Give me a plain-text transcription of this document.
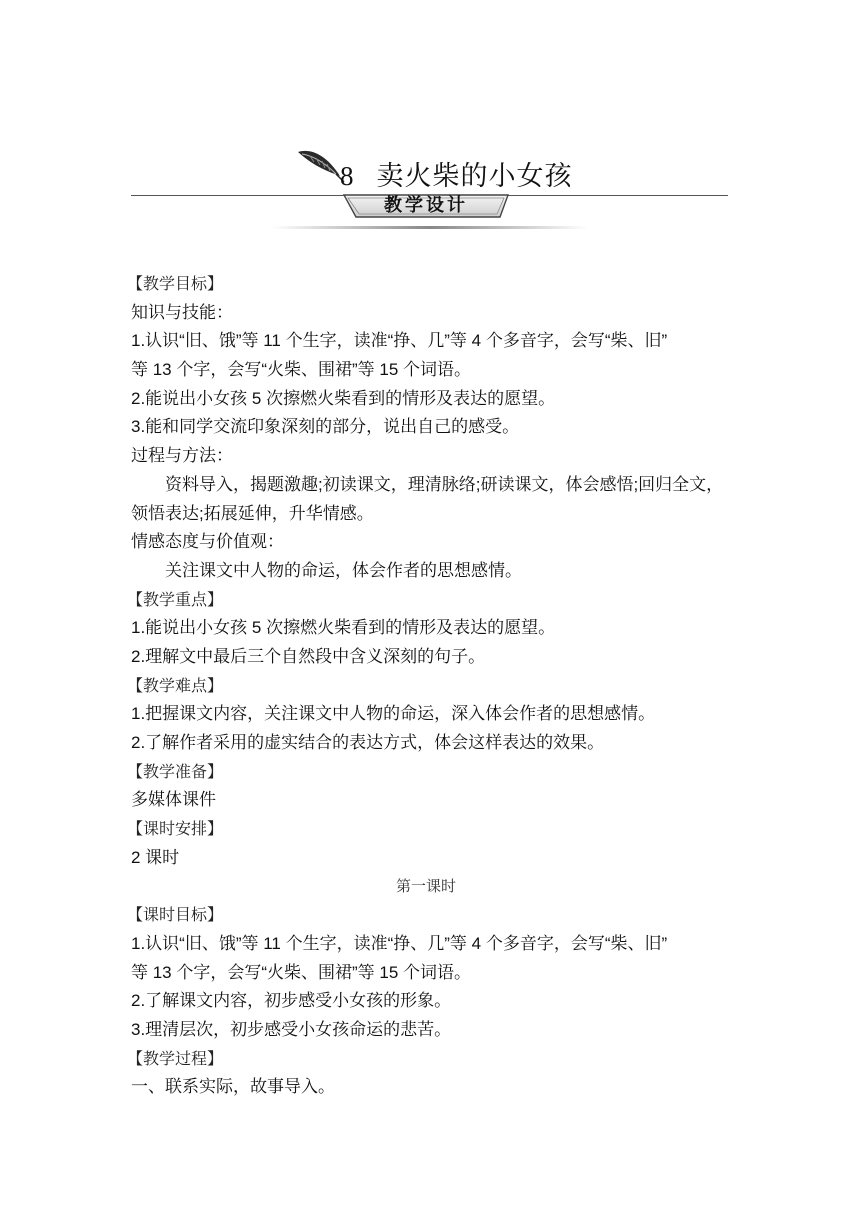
8 卖火柴的小女孩
教学设计
【教学目标】
知识与技能：
1.认识“旧、饿”等 11 个生字，读准“挣、几”等 4 个多音字，会写“柴、旧”
等 13 个字，会写“火柴、围裙”等 15 个词语。
2.能说出小女孩 5 次擦燃火柴看到的情形及表达的愿望。
3.能和同学交流印象深刻的部分，说出自己的感受。
过程与方法：
资料导入，揭题激趣;初读课文，理清脉络;研读课文，体会感悟;回归全文，
领悟表达;拓展延伸，升华情感。
情感态度与价值观：
关注课文中人物的命运，体会作者的思想感情。
【教学重点】
1.能说出小女孩 5 次擦燃火柴看到的情形及表达的愿望。
2.理解文中最后三个自然段中含义深刻的句子。
【教学难点】
1.把握课文内容，关注课文中人物的命运，深入体会作者的思想感情。
2.了解作者采用的虚实结合的表达方式，体会这样表达的效果。
【教学准备】
多媒体课件
【课时安排】
2 课时
第一课时
【课时目标】
1.认识“旧、饿”等 11 个生字，读准“挣、几”等 4 个多音字，会写“柴、旧”
等 13 个字，会写“火柴、围裙”等 15 个词语。
2.了解课文内容，初步感受小女孩的形象。
3.理清层次，初步感受小女孩命运的悲苦。
【教学过程】
一、联系实际，故事导入。
